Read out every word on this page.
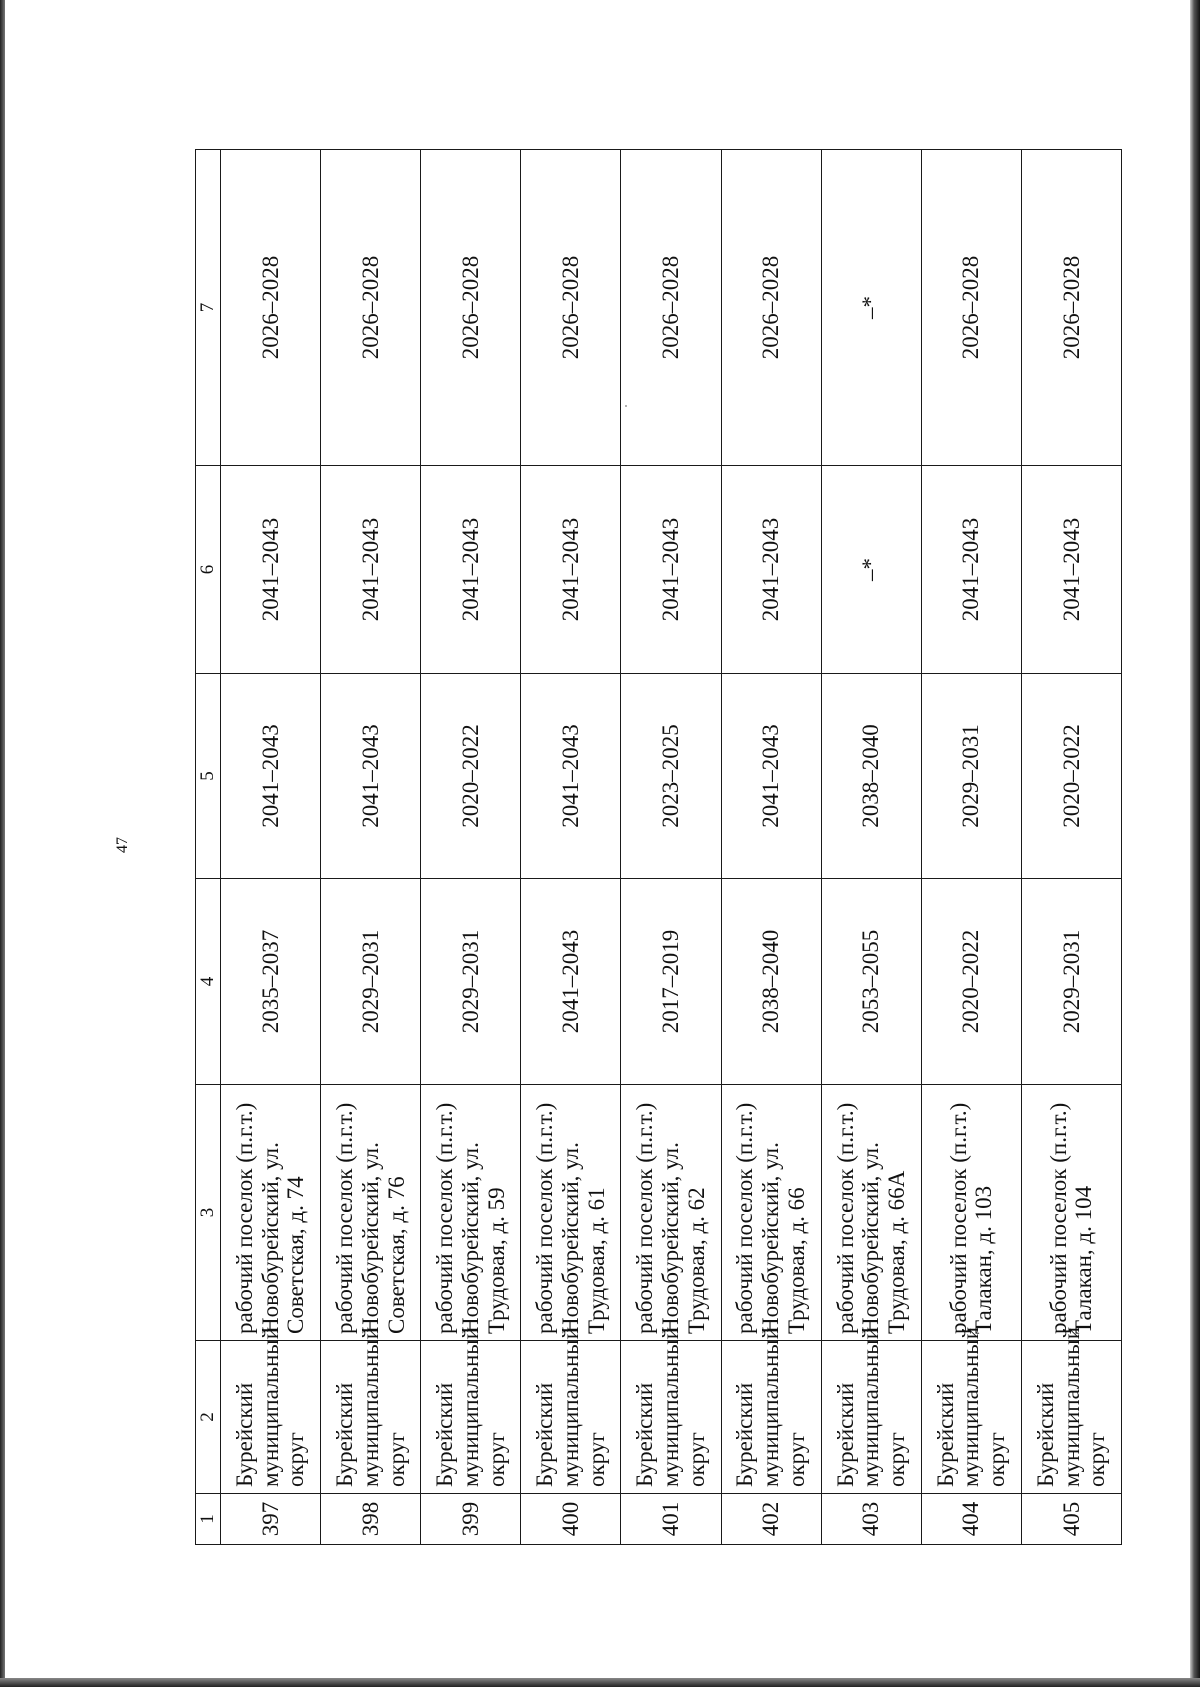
47
1	2	3	4	5	6	7
397	Бурейский муниципальный округ	рабочий поселок (п.г.т.) Новобурейский, ул. Советская, д. 74	2035–2037	2041–2043	2041–2043	2026–2028
398	Бурейский муниципальный округ	рабочий поселок (п.г.т.) Новобурейский, ул. Советская, д. 76	2029–2031	2041–2043	2041–2043	2026–2028
399	Бурейский муниципальный округ	рабочий поселок (п.г.т.) Новобурейский, ул. Трудовая, д. 59	2029–2031	2020–2022	2041–2043	2026–2028
400	Бурейский муниципальный округ	рабочий поселок (п.г.т.) Новобурейский, ул. Трудовая, д. 61	2041–2043	2041–2043	2041–2043	2026–2028
401	Бурейский муниципальный округ	рабочий поселок (п.г.т.) Новобурейский, ул. Трудовая, д. 62	2017–2019	2023–2025	2041–2043	2026–2028
402	Бурейский муниципальный округ	рабочий поселок (п.г.т.) Новобурейский, ул. Трудовая, д. 66	2038–2040	2041–2043	2041–2043	2026–2028
403	Бурейский муниципальный округ	рабочий поселок (п.г.т.) Новобурейский, ул. Трудовая, д. 66А	2053–2055	2038–2040	–*	–*
404	Бурейский муниципальный округ	рабочий поселок (п.г.т.) Талакан, д. 103	2020–2022	2029–2031	2041–2043	2026–2028
405	Бурейский муниципальный округ	рабочий поселок (п.г.т.) Талакан, д. 104	2029–2031	2020–2022	2041–2043	2026–2028
